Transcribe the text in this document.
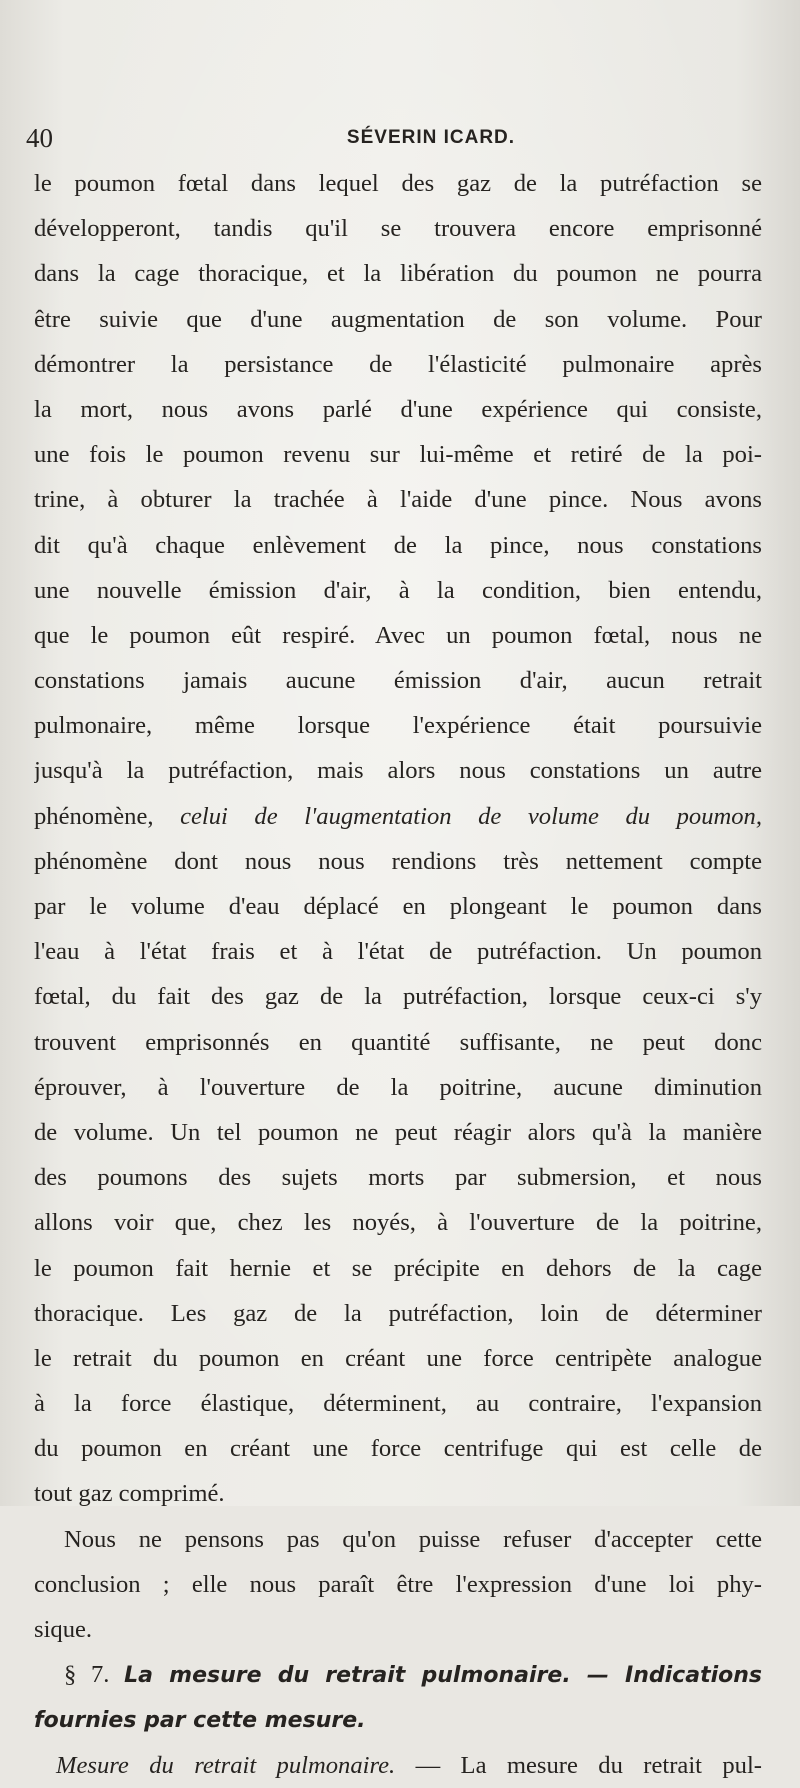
40	SÉVERIN ICARD.
le poumon fœtal dans lequel des gaz de la putréfaction se
développeront, tandis qu'il se trouvera encore emprisonné
dans la cage thoracique, et la libération du poumon ne pourra
être suivie que d'une augmentation de son volume. Pour
démontrer la persistance de l'élasticité pulmonaire après
la mort, nous avons parlé d'une expérience qui consiste,
une fois le poumon revenu sur lui-même et retiré de la poi-
trine, à obturer la trachée à l'aide d'une pince. Nous avons
dit qu'à chaque enlèvement de la pince, nous constations
une nouvelle émission d'air, à la condition, bien entendu,
que le poumon eût respiré. Avec un poumon fœtal, nous ne
constations jamais aucune émission d'air, aucun retrait
pulmonaire, même lorsque l'expérience était poursuivie
jusqu'à la putréfaction, mais alors nous constations un autre
phénomène, celui de l'augmentation de volume du poumon,
phénomène dont nous nous rendions très nettement compte
par le volume d'eau déplacé en plongeant le poumon dans
l'eau à l'état frais et à l'état de putréfaction. Un poumon
fœtal, du fait des gaz de la putréfaction, lorsque ceux-ci s'y
trouvent emprisonnés en quantité suffisante, ne peut donc
éprouver, à l'ouverture de la poitrine, aucune diminution
de volume. Un tel poumon ne peut réagir alors qu'à la manière
des poumons des sujets morts par submersion, et nous
allons voir que, chez les noyés, à l'ouverture de la poitrine,
le poumon fait hernie et se précipite en dehors de la cage
thoracique. Les gaz de la putréfaction, loin de déterminer
le retrait du poumon en créant une force centripète analogue
à la force élastique, déterminent, au contraire, l'expansion
du poumon en créant une force centrifuge qui est celle de
tout gaz comprimé.
Nous ne pensons pas qu'on puisse refuser d'accepter cette
conclusion ; elle nous paraît être l'expression d'une loi phy-
sique.
§ 7. La mesure du retrait pulmonaire. — Indications
fournies par cette mesure.
Mesure du retrait pulmonaire. — La mesure du retrait pul-
